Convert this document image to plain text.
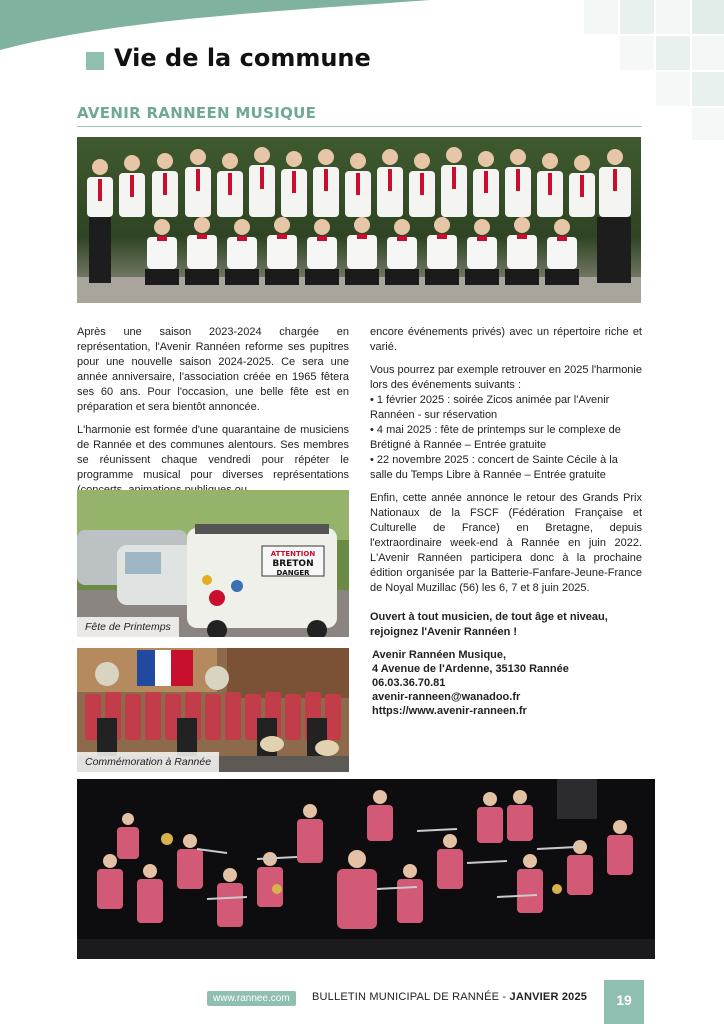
Vie de la commune
AVENIR RANNEEN MUSIQUE

Après une saison 2023-2024 chargée en représentation, l'Avenir Rannéen reforme ses pupitres pour une nouvelle saison 2024-2025. Ce sera une année anniversaire, l'association créée en 1965 fêtera ses 60 ans. Pour l'occasion, une belle fête est en préparation et sera bientôt annoncée.

L'harmonie est formée d'une quarantaine de musiciens de Rannée et des communes alentours. Ses membres se réunissent chaque vendredi pour répéter le programme musical pour diverses représentations

ATTENTION
BRETON
DANGER
Fête de Printemps
Commémoration à Rannée

encore événements privés) avec un répertoire riche et varié.

Vous pourrez par exemple retrouver en 2025 l'harmonie lors des événements suivants :

• 1 février 2025 : soirée Zicos animée par l'Avenir Rannéen - sur réservation

• 4 mai 2025 : fête de printemps sur le complexe de Brétigné à Rannée – Entrée gratuite

• 22 novembre 2025 : concert de Sainte Cécile à la salle du Temps Libre à Rannée – Entrée gratuite

Enfin, cette année annonce le retour des Grands Prix Nationaux de la FSCF (Fédération Française et Culturelle de France) en Bretagne, depuis l'extraordinaire week-end à Rannée en juin 2022. L'Avenir Rannéen participera donc à la prochaine édition organisée par la Batterie-Fanfare-Jeune-France de Noyal Muzillac (56) les 6, 7 et 8 juin 2025.

Ouvert à tout musicien, de tout âge et niveau, rejoignez l'Avenir Rannéen !

Avenir Rannéen Musique,
4 Avenue de l'Ardenne, 35130 Rannée
06.03.36.70.81
avenir-ranneen@wanadoo.fr
https://www.avenir-ranneen.fr
www.rannee.com	BULLETIN MUNICIPAL DE RANNÉE - JANVIER 2025	19
